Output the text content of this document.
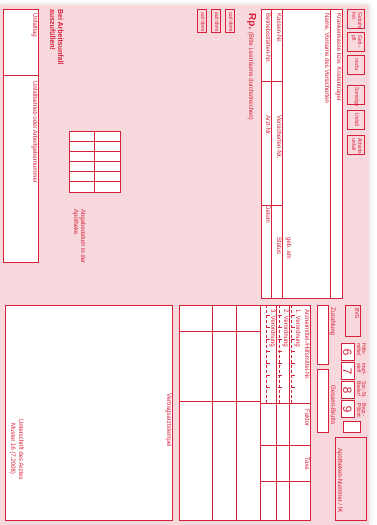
Gebühr frei
Geb.- pfl.
noctu
Sonstige
Unfall
Arbeits- unfall
Krankenkasse bzw. Kostenträger
Name, Vorname des Versicherten
geb. am
Kassen-Nr.
Versicherten-Nr.
Status
Betriebsstätten-Nr.
Arzt-Nr.
Datum
Rp. (Bitte Leerräume durchstreichen)
aut idem
aut idem
aut idem
BVG
Hilfs- mittel
Impf- stoff
Spr.-St. Bedarf
Begr.- Pflicht
6
7
8
9
Apotheken-Nummer / IK
Zuzahlung
Gesamt-Brutto
Arzneimittel-/Hilfsmittel-Nr.
Faktor
Taxe
1. Verordnung
2. Verordnung
3. Verordnung
Abgabedatum in der Apotheke
Bei Arbeitsunfall auszufüllen!
Unfalltag
Unfallbetrieb oder Arbeitgebernummer
Vertragsarztstempel
Unterschrift des Arztes
Muster 16 (7.2008)
